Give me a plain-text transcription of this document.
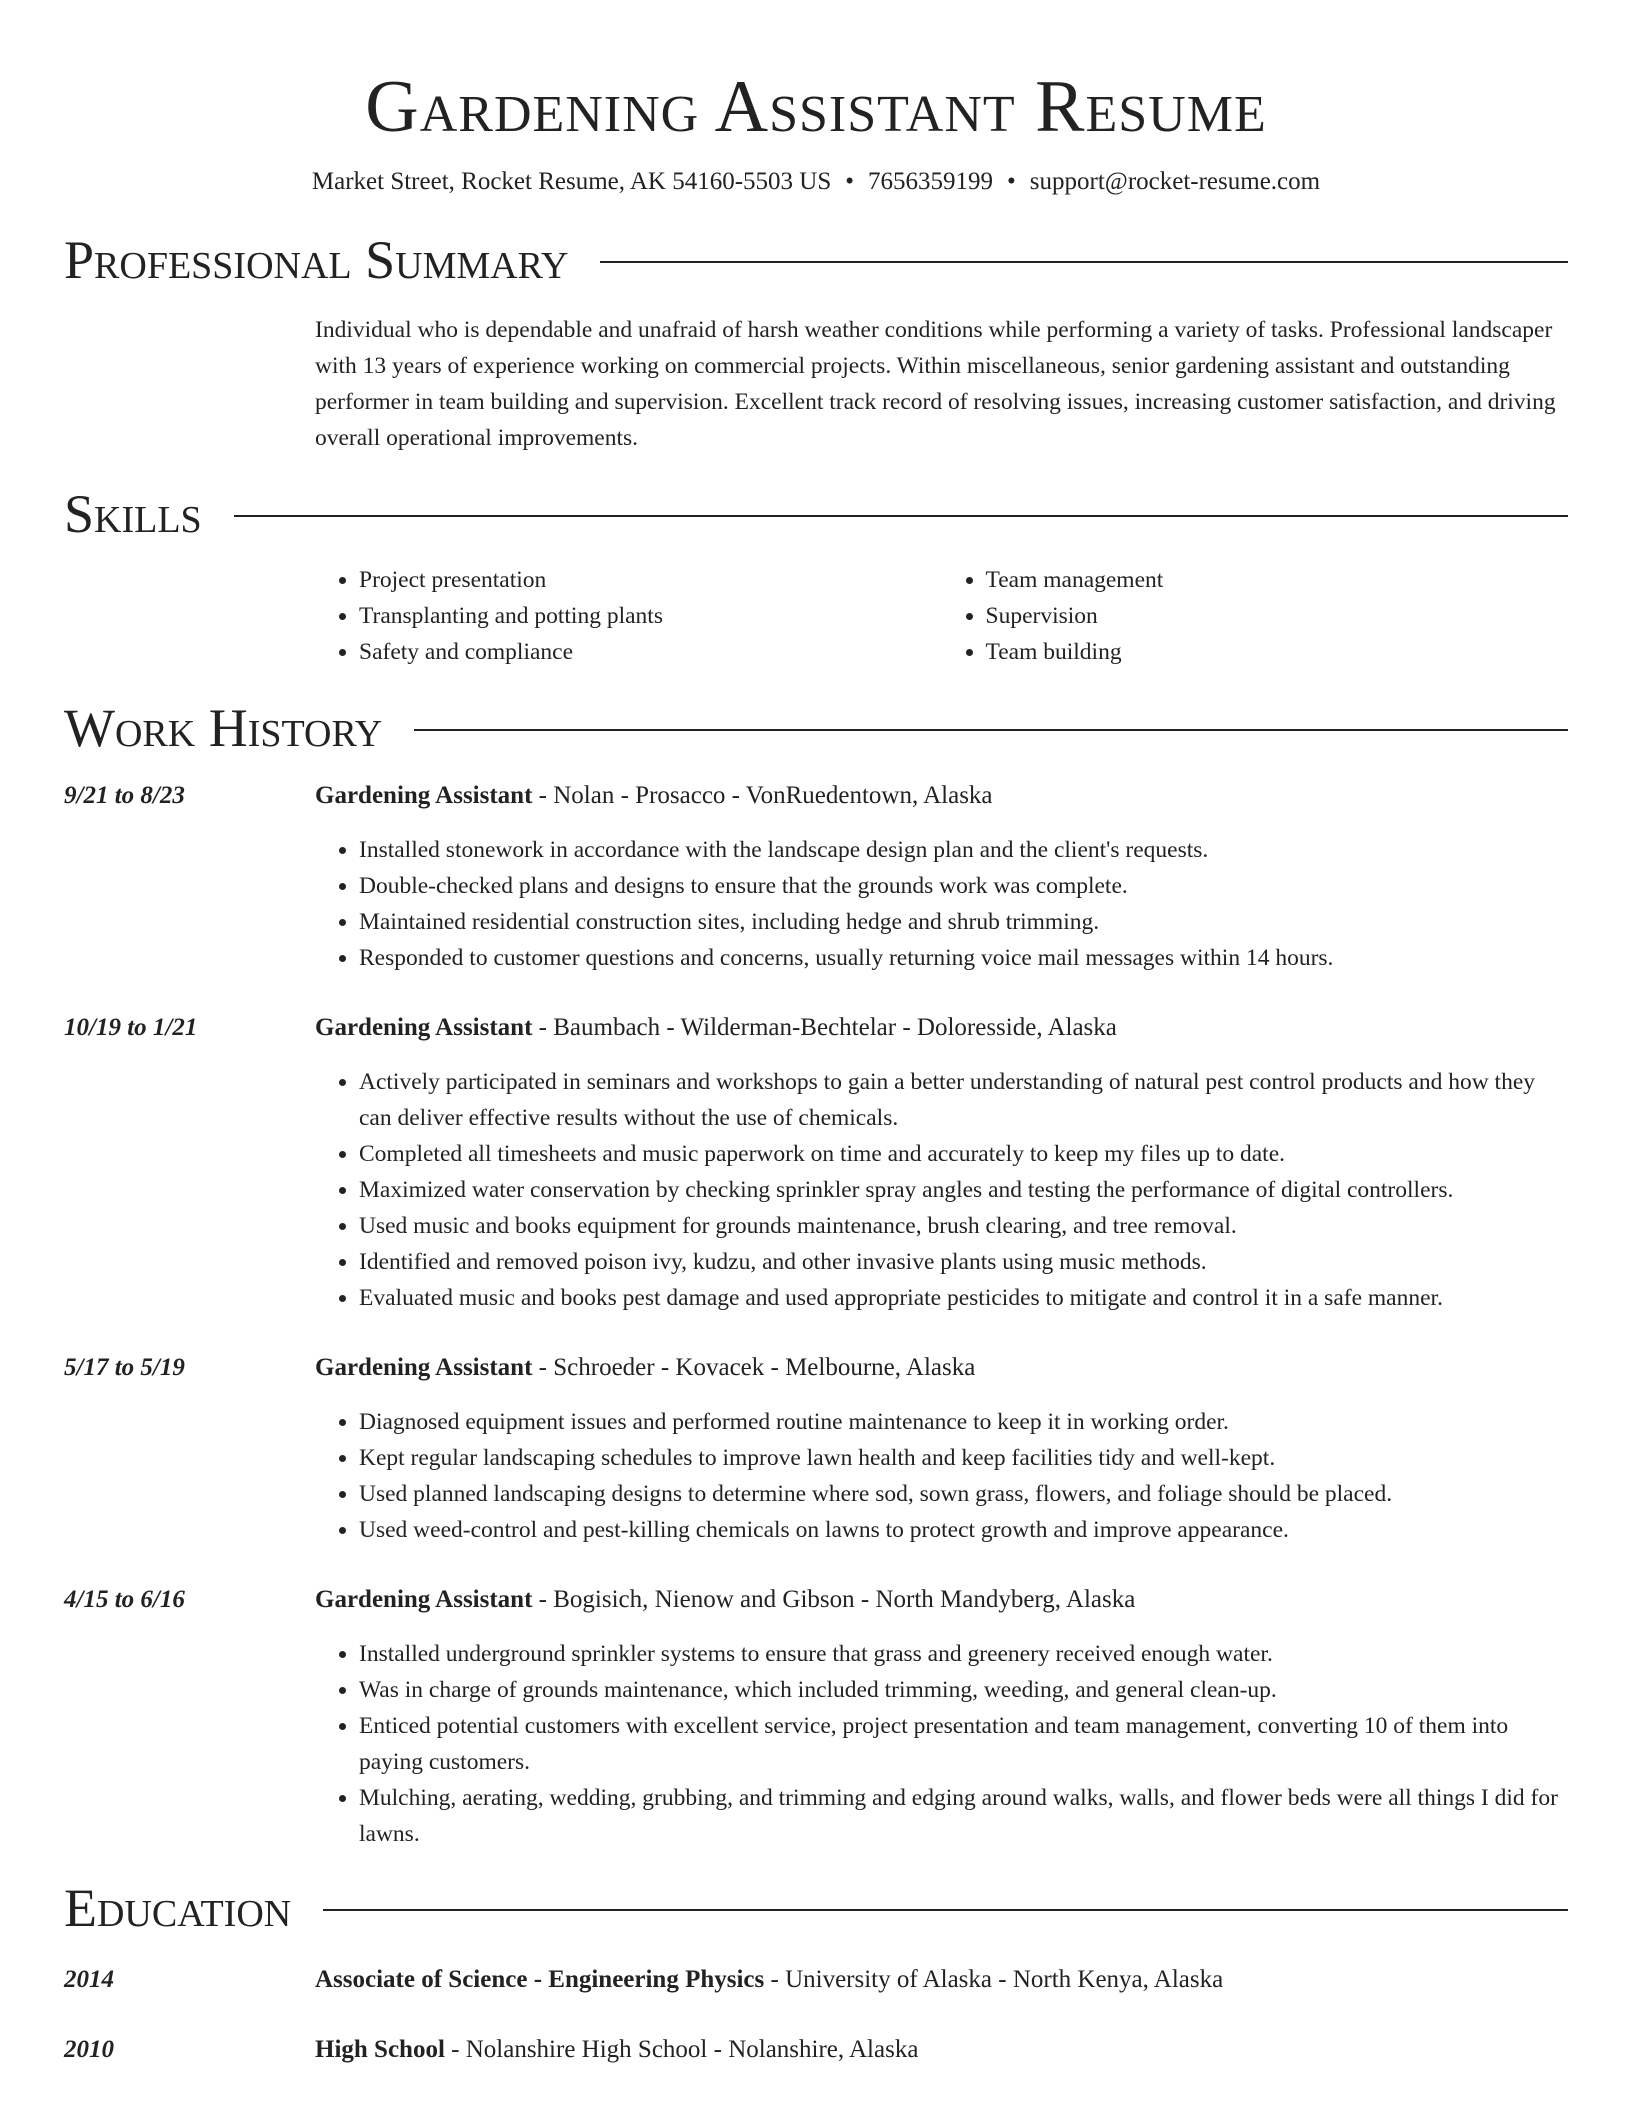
Gardening Assistant Resume
Market Street, Rocket Resume, AK 54160-5503 US • 7656359199 • support@rocket-resume.com
Professional Summary

Individual who is dependable and unafraid of harsh weather conditions while performing a variety of tasks. Professional landscaper with 13 years of experience working on commercial projects. Within miscellaneous, senior gardening assistant and outstanding performer in team building and supervision. Excellent track record of resolving issues, increasing customer satisfaction, and driving overall operational improvements.

Skills
• Project presentation
• Transplanting and potting plants
• Safety and compliance
• Team management
• Supervision
• Team building
Work History
9/21 to 8/23	Gardening Assistant - Nolan - Prosacco - VonRuedentown, Alaska
• Installed stonework in accordance with the landscape design plan and the client's requests.
• Double-checked plans and designs to ensure that the grounds work was complete.
• Maintained residential construction sites, including hedge and shrub trimming.
• Responded to customer questions and concerns, usually returning voice mail messages within 14 hours.
10/19 to 1/21	Gardening Assistant - Baumbach - Wilderman-Bechtelar - Doloresside, Alaska
• Actively participated in seminars and workshops to gain a better understanding of natural pest control products and how they can deliver effective results without the use of chemicals.
• Completed all timesheets and music paperwork on time and accurately to keep my files up to date.
• Maximized water conservation by checking sprinkler spray angles and testing the performance of digital controllers.
• Used music and books equipment for grounds maintenance, brush clearing, and tree removal.
• Identified and removed poison ivy, kudzu, and other invasive plants using music methods.
• Evaluated music and books pest damage and used appropriate pesticides to mitigate and control it in a safe manner.
5/17 to 5/19	Gardening Assistant - Schroeder - Kovacek - Melbourne, Alaska
• Diagnosed equipment issues and performed routine maintenance to keep it in working order.
• Kept regular landscaping schedules to improve lawn health and keep facilities tidy and well-kept.
• Used planned landscaping designs to determine where sod, sown grass, flowers, and foliage should be placed.
• Used weed-control and pest-killing chemicals on lawns to protect growth and improve appearance.
4/15 to 6/16	Gardening Assistant - Bogisich, Nienow and Gibson - North Mandyberg, Alaska
• Installed underground sprinkler systems to ensure that grass and greenery received enough water.
• Was in charge of grounds maintenance, which included trimming, weeding, and general clean-up.
• Enticed potential customers with excellent service, project presentation and team management, converting 10 of them into paying customers.
• Mulching, aerating, wedding, grubbing, and trimming and edging around walks, walls, and flower beds were all things I did for lawns.
Education
2014	Associate of Science - Engineering Physics - University of Alaska - North Kenya, Alaska
2010	High School - Nolanshire High School - Nolanshire, Alaska
